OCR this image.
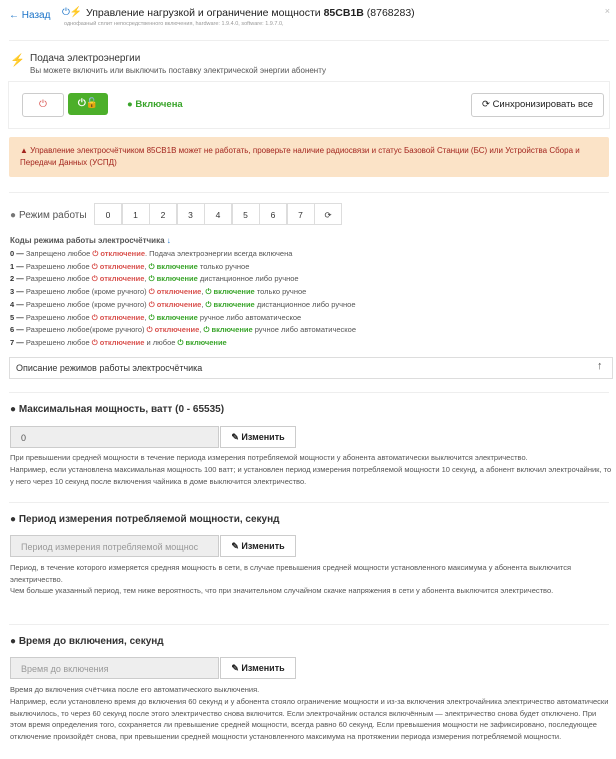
← Назад ⏻⚡ Управление нагрузкой и ограничение мощности 85СВ1В (8768283)
однофазный сплит непосредственного включения, hardware: 1.9.4.0, software: 1.9.7.0,
×
⚡ Подача электроэнергии
Вы можете включить или выключить поставку электрической энергии абоненту
⏻	⏻🔓	● Включена	⟳ Синхронизировать все
▲ Управление электросчётчиком 85СВ1В может не работать, проверьте наличие радиосвязи и статус Базовой Станции (БС) или Устройства Сбора и Передачи Данных (УСПД)
● Режим работы	0	1	2	3	4	5	6	7	⟳
Коды режима работы электросчётчика ↓
0 — Запрещено любое ⏻ отключение. Подача электроэнергии всегда включена
1 — Разрешено любое ⏻ отключение, ⏻ включение только ручное
2 — Разрешено любое ⏻ отключение, ⏻ включение дистанционное либо ручное
3 — Разрешено любое (кроме ручного) ⏻ отключение, ⏻ включение только ручное
4 — Разрешено любое (кроме ручного) ⏻ отключение, ⏻ включение дистанционное либо ручное
5 — Разрешено любое ⏻ отключение, ⏻ включение ручное либо автоматическое
6 — Разрешено любое(кроме ручного) ⏻ отключение, ⏻ включение ручное либо автоматическое
7 — Разрешено любое ⏻ отключение и любое ⏻ включение
Описание режимов работы электросчётчика	↑
● Максимальная мощность, ватт (0 - 65535)
0	✎ Изменить
При превышении средней мощности в течение периода измерения потребляемой мощности у абонента автоматически выключится электричество.
Например, если установлена максимальная мощность 100 ватт; и установлен период измерения потребляемой мощности 10 секунд, а абонент включил электрочайник, то у него через 10 секунд после включения чайника в доме выключится электричество.
● Период измерения потребляемой мощности, секунд
Период измерения потребляемой мощнос	✎ Изменить
Период, в течение которого измеряется средняя мощность в сети, в случае превышения средней мощности установленного максимума у абонента выключится электричество.
Чем больше указанный период, тем ниже вероятность, что при значительном случайном скачке напряжения в сети у абонента выключится электричество.
● Время до включения, секунд
Время до включения	✎ Изменить
Время до включения счётчика после его автоматического выключения.
Например, если установлено время до включения 60 секунд и у абонента стояло ограничение мощности и из-за включения электрочайника электричество автоматически выключилось, то через 60 секунд после этого электричество снова включится. Если электрочайник остался включённым — электричество снова будет отключено. При этом время определения того, сохраняется ли превышение средней мощности, всегда равно 60 секунд. Если превышения мощности не зафиксировано, последующее отключение произойдёт снова, при превышении средней мощности установленного максимума на протяжении периода измерения потребляемой мощности.
